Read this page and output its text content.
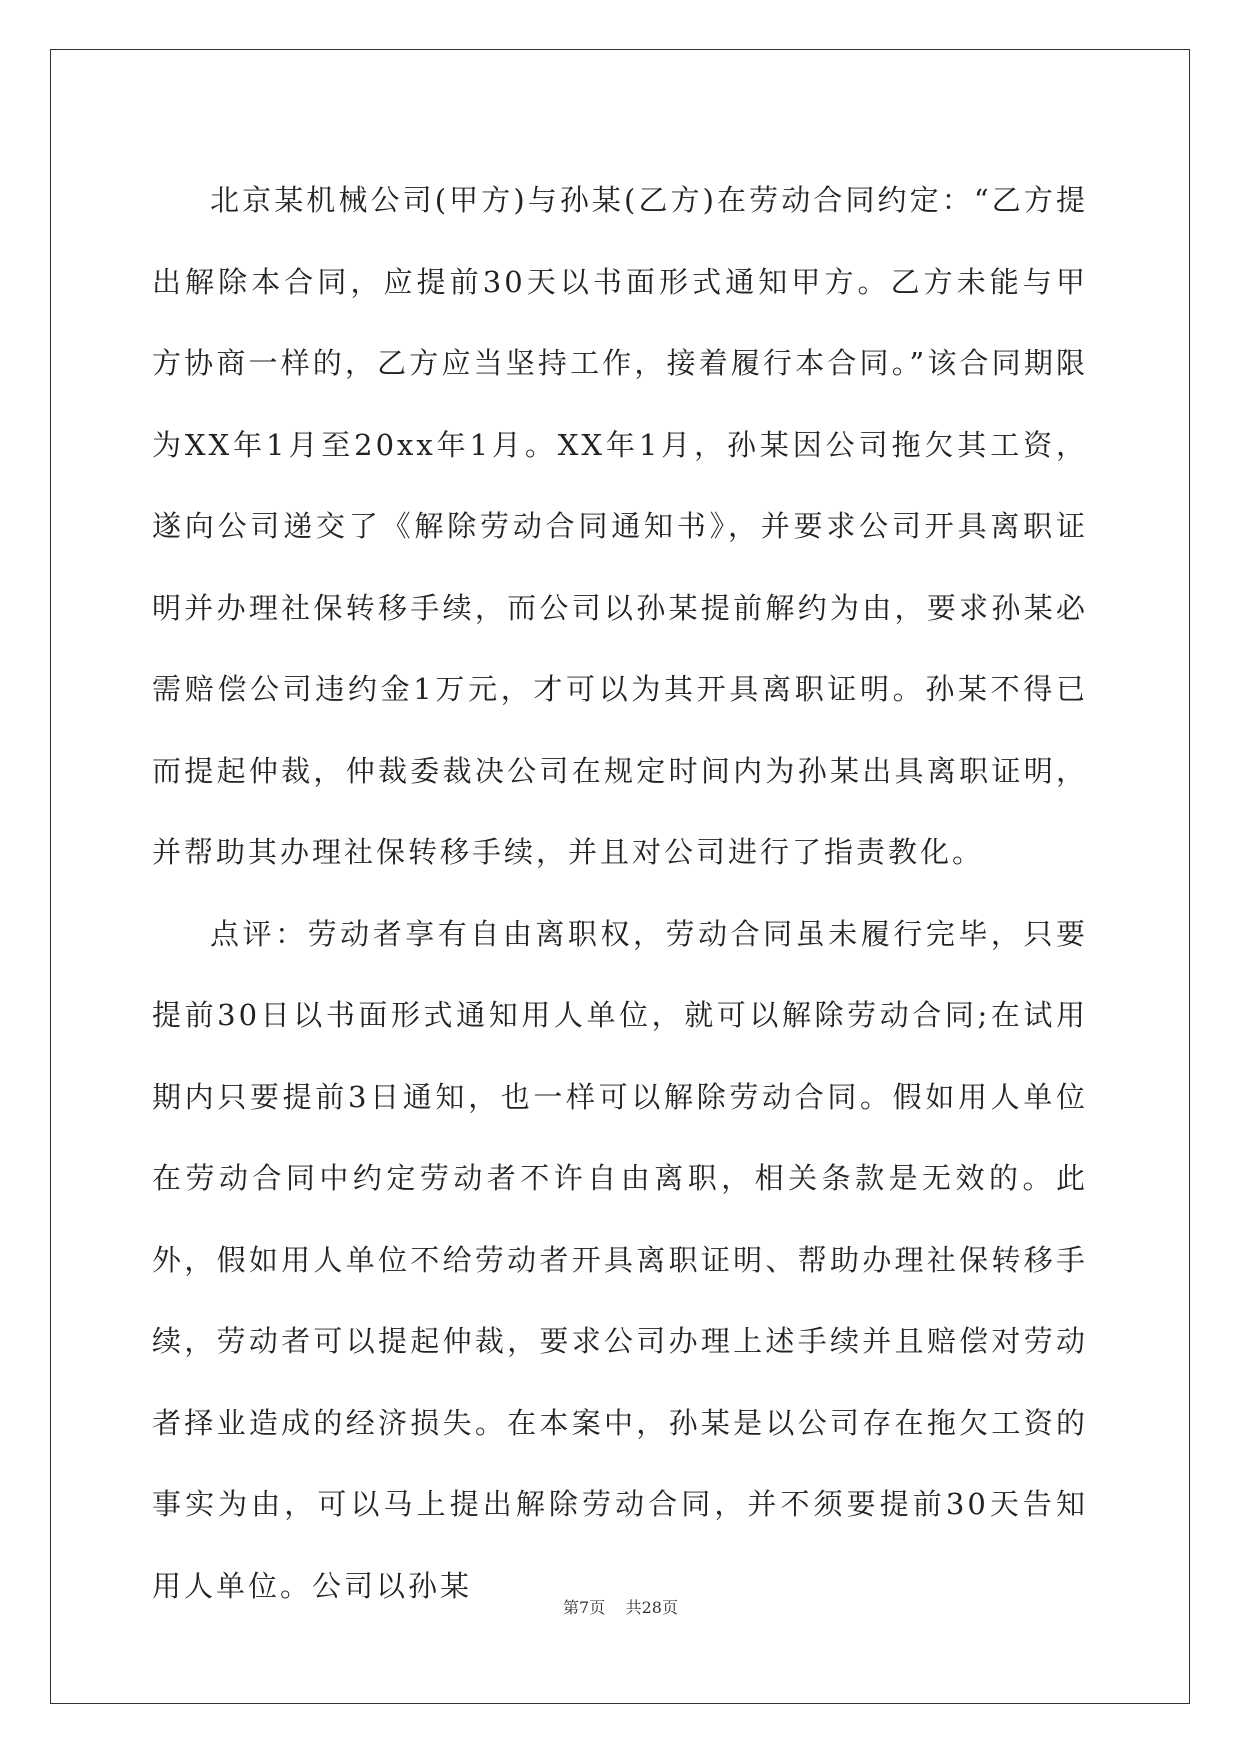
北京某机械公司(甲方)与孙某(乙方)在劳动合同约定：“乙方提出解除本合同，应提前30天以书面形式通知甲方。乙方未能与甲方协商一样的，乙方应当坚持工作，接着履行本合同。”该合同期限为XX年1月至20xx年1月。XX年1月，孙某因公司拖欠其工资，遂向公司递交了《解除劳动合同通知书》，并要求公司开具离职证明并办理社保转移手续，而公司以孙某提前解约为由，要求孙某必需赔偿公司违约金1万元，才可以为其开具离职证明。孙某不得已而提起仲裁，仲裁委裁决公司在规定时间内为孙某出具离职证明，并帮助其办理社保转移手续，并且对公司进行了指责教化。

点评：劳动者享有自由离职权，劳动合同虽未履行完毕，只要提前30日以书面形式通知用人单位，就可以解除劳动合同;在试用期内只要提前3日通知，也一样可以解除劳动合同。假如用人单位在劳动合同中约定劳动者不许自由离职，相关条款是无效的。此外，假如用人单位不给劳动者开具离职证明、帮助办理社保转移手续，劳动者可以提起仲裁，要求公司办理上述手续并且赔偿对劳动者择业造成的经济损失。在本案中，孙某是以公司存在拖欠工资的事实为由，可以马上提出解除劳动合同，并不须要提前30天告知用人单位。公司以孙某

第7页 共28页
